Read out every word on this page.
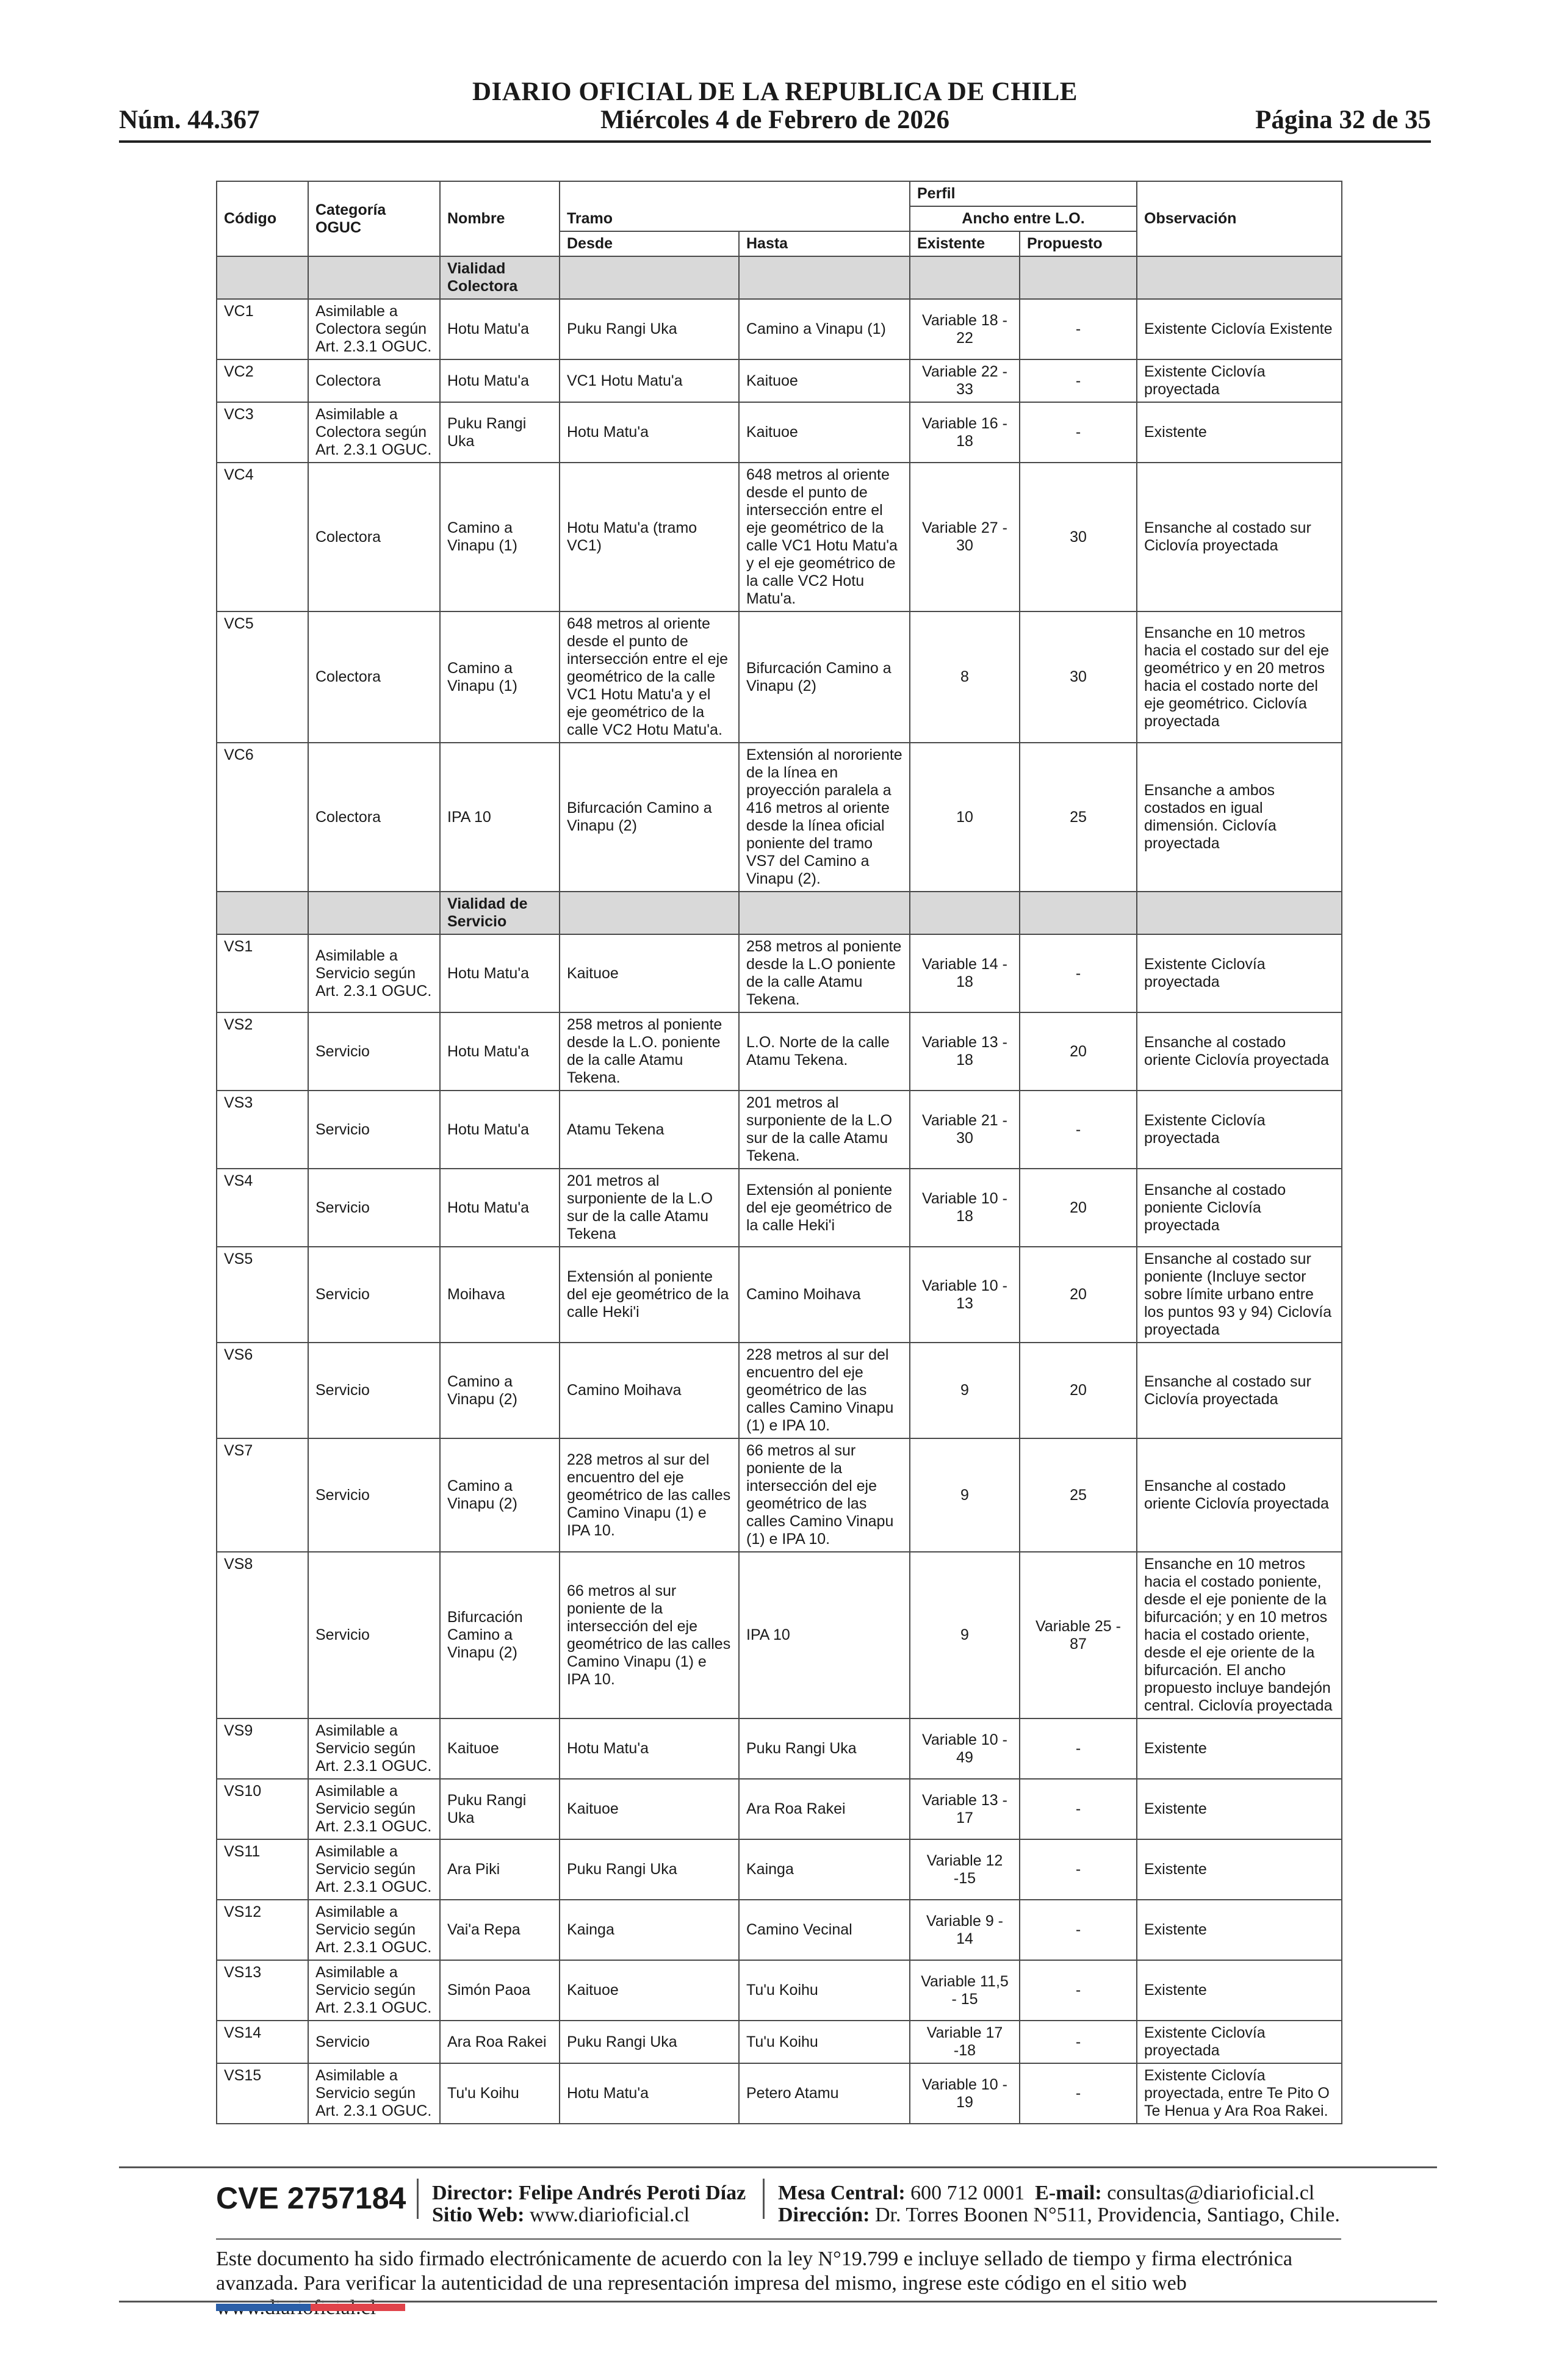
DIARIO OFICIAL DE LA REPUBLICA DE CHILE
Núm. 44.367	Miércoles 4 de Febrero de 2026	Página 32 de 35
Código	Categoría OGUC	Nombre	Tramo		Perfil		Observación
					Ancho entre L.O.		
			Desde	Hasta	Existente	Propuesto	
		Vialidad Colectora					
VC1	Asimilable a Colectora según Art. 2.3.1 OGUC.	Hotu Matu'a	Puku Rangi Uka	Camino a Vinapu (1)	Variable 18 - 22	-	Existente Ciclovía Existente
VC2	Colectora	Hotu Matu'a	VC1 Hotu Matu'a	Kaituoe	Variable 22 - 33	-	Existente Ciclovía proyectada
VC3	Asimilable a Colectora según Art. 2.3.1 OGUC.	Puku Rangi Uka	Hotu Matu'a	Kaituoe	Variable 16 - 18	-	Existente
VC4	Colectora	Camino a Vinapu (1)	Hotu Matu'a (tramo VC1)	648 metros al oriente desde el punto de intersección entre el eje geométrico de la calle VC1 Hotu Matu'a y el eje geométrico de la calle VC2 Hotu Matu'a.	Variable 27 - 30	30	Ensanche al costado sur Ciclovía proyectada
VC5	Colectora	Camino a Vinapu (1)	648 metros al oriente desde el punto de intersección entre el eje geométrico de la calle VC1 Hotu Matu'a y el eje geométrico de la calle VC2 Hotu Matu'a.	Bifurcación Camino a Vinapu (2)	8	30	Ensanche en 10 metros hacia el costado sur del eje geométrico y en 20 metros hacia el costado norte del eje geométrico. Ciclovía proyectada
VC6	Colectora	IPA 10	Bifurcación Camino a Vinapu (2)	Extensión al nororiente de la línea en proyección paralela a 416 metros al oriente desde la línea oficial poniente del tramo VS7 del Camino a Vinapu (2).	10	25	Ensanche a ambos costados en igual dimensión. Ciclovía proyectada
		Vialidad de Servicio					
VS1	Asimilable a Servicio según Art. 2.3.1 OGUC.	Hotu Matu'a	Kaituoe	258 metros al poniente desde la L.O poniente de la calle Atamu Tekena.	Variable 14 - 18	-	Existente Ciclovía proyectada
VS2	Servicio	Hotu Matu'a	258 metros al poniente desde la L.O. poniente de la calle Atamu Tekena.	L.O. Norte de la calle Atamu Tekena.	Variable 13 - 18	20	Ensanche al costado oriente Ciclovía proyectada
VS3	Servicio	Hotu Matu'a	Atamu Tekena	201 metros al surponiente de la L.O sur de la calle Atamu Tekena.	Variable 21 - 30	-	Existente Ciclovía proyectada
VS4	Servicio	Hotu Matu'a	201 metros al surponiente de la L.O sur de la calle Atamu Tekena	Extensión al poniente del eje geométrico de la calle Heki'i	Variable 10 - 18	20	Ensanche al costado poniente Ciclovía proyectada
VS5	Servicio	Moihava	Extensión al poniente del eje geométrico de la calle Heki'i	Camino Moihava	Variable 10 - 13	20	Ensanche al costado sur poniente (Incluye sector sobre límite urbano entre los puntos 93 y 94) Ciclovía proyectada
VS6	Servicio	Camino a Vinapu (2)	Camino Moihava	228 metros al sur del encuentro del eje geométrico de las calles Camino Vinapu (1) e IPA 10.	9	20	Ensanche al costado sur Ciclovía proyectada
VS7	Servicio	Camino a Vinapu (2)	228 metros al sur del encuentro del eje geométrico de las calles Camino Vinapu (1) e IPA 10.	66 metros al sur poniente de la intersección del eje geométrico de las calles Camino Vinapu (1) e IPA 10.	9	25	Ensanche al costado oriente Ciclovía proyectada
VS8	Servicio	Bifurcación Camino a Vinapu (2)	66 metros al sur poniente de la intersección del eje geométrico de las calles Camino Vinapu (1) e IPA 10.	IPA 10	9	Variable 25 - 87	Ensanche en 10 metros hacia el costado poniente, desde el eje poniente de la bifurcación; y en 10 metros hacia el costado oriente, desde el eje oriente de la bifurcación. El ancho propuesto incluye bandejón central. Ciclovía proyectada
VS9	Asimilable a Servicio según Art. 2.3.1 OGUC.	Kaituoe	Hotu Matu'a	Puku Rangi Uka	Variable 10 - 49	-	Existente
VS10	Asimilable a Servicio según Art. 2.3.1 OGUC.	Puku Rangi Uka	Kaituoe	Ara Roa Rakei	Variable 13 - 17	-	Existente
VS11	Asimilable a Servicio según Art. 2.3.1 OGUC.	Ara Piki	Puku Rangi Uka	Kainga	Variable 12 -15	-	Existente
VS12	Asimilable a Servicio según Art. 2.3.1 OGUC.	Vai'a Repa	Kainga	Camino Vecinal	Variable 9 - 14	-	Existente
VS13	Asimilable a Servicio según Art. 2.3.1 OGUC.	Simón Paoa	Kaituoe	Tu'u Koihu	Variable 11,5 - 15	-	Existente
VS14	Servicio	Ara Roa Rakei	Puku Rangi Uka	Tu'u Koihu	Variable 17 -18	-	Existente Ciclovía proyectada
VS15	Asimilable a Servicio según Art. 2.3.1 OGUC.	Tu'u Koihu	Hotu Matu'a	Petero Atamu	Variable 10 - 19	-	Existente Ciclovía proyectada, entre Te Pito O Te Henua y Ara Roa Rakei.
CVE 2757184 Director: Felipe Andrés Peroti Díaz
Sitio Web: www.diarioficial.cl
Mesa Central: 600 712 0001 E-mail: consultas@diarioficial.cl
Dirección: Dr. Torres Boonen N°511, Providencia, Santiago, Chile.
Este documento ha sido firmado electrónicamente de acuerdo con la ley N°19.799 e incluye sellado de tiempo y firma electrónica avanzada. Para verificar la autenticidad de una representación impresa del mismo, ingrese este código en el sitio web
